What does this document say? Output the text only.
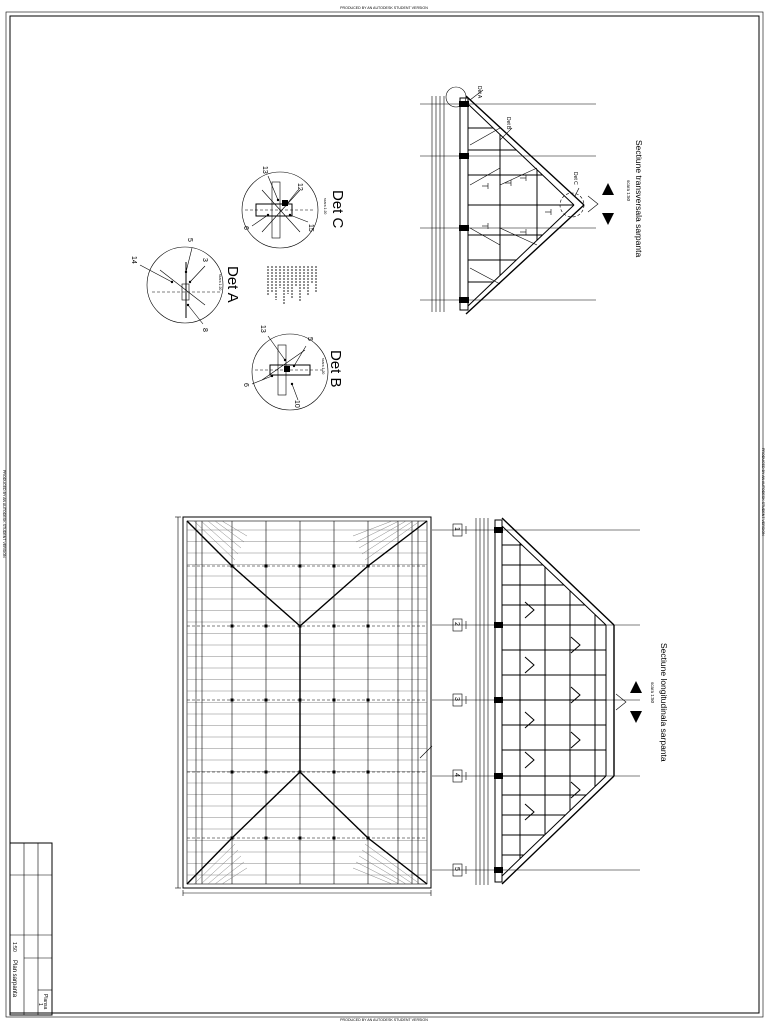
PRODUCED BY AN AUTODESK STUDENT VERSION
PRODUCED BY AN AUTODESK STUDENT VERSION
PRODUCED BY AN AUTODESK STUDENT VERSION	PRODUCED BY AN AUTODESK STUDENT VERSION
Det A
Det B
Det C	Sectiune transversala sarpanta
scara 1:50
Det C
scara 1:20
13
12
6	15
Det A
scara 1:20
14
5
3
8
Det B
scara 1:20
13
5
6
10
Sectiune longitudinala sarpanta
scara 1:50
1
2
3
4
5
Plan sarpanta
1:50
Plansa
1
